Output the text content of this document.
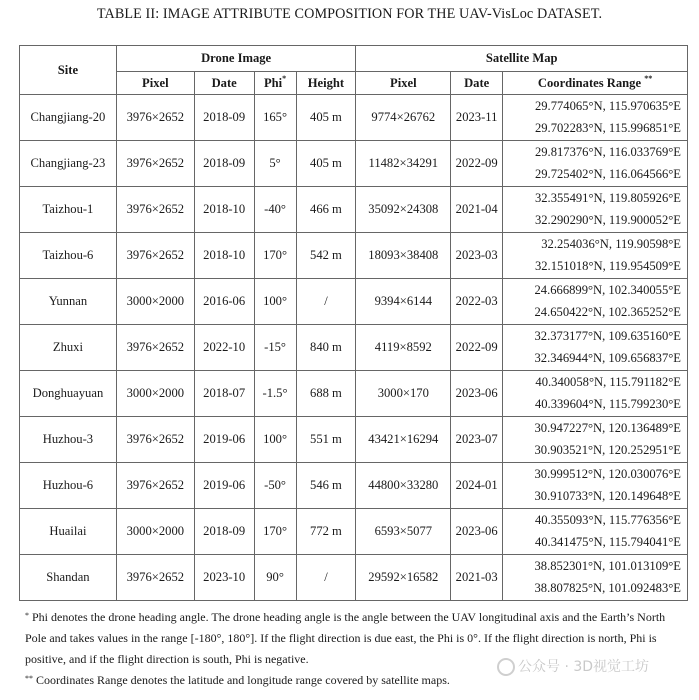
TABLE II: IMAGE ATTRIBUTE COMPOSITION FOR THE UAV-VisLoc DATASET.
Site	Drone Image				Satellite Map		
	Pixel	Date	Phi*	Height	Pixel	Date	Coordinates Range **
Changjiang-20	3976×2652	2018-09	165°	405 m	9774×26762	2023-11	29.774065°N, 115.970635°E
29.702283°N, 115.996851°E

Changjiang-23	3976×2652	2018-09	5°	405 m	11482×34291	2022-09	29.817376°N, 116.033769°E
29.725402°N, 116.064566°E

Taizhou-1	3976×2652	2018-10	-40°	466 m	35092×24308	2021-04	32.355491°N, 119.805926°E
32.290290°N, 119.900052°E

Taizhou-6	3976×2652	2018-10	170°	542 m	18093×38408	2023-03	32.254036°N, 119.90598°E
32.151018°N, 119.954509°E

Yunnan	3000×2000	2016-06	100°	/	9394×6144	2022-03	24.666899°N, 102.340055°E
24.650422°N, 102.365252°E

Zhuxi	3976×2652	2022-10	-15°	840 m	4119×8592	2022-09	32.373177°N, 109.635160°E
32.346944°N, 109.656837°E

Donghuayuan	3000×2000	2018-07	-1.5°	688 m	3000×170	2023-06	40.340058°N, 115.791182°E
40.339604°N, 115.799230°E

Huzhou-3	3976×2652	2019-06	100°	551 m	43421×16294	2023-07	30.947227°N, 120.136489°E
30.903521°N, 120.252951°E

Huzhou-6	3976×2652	2019-06	-50°	546 m	44800×33280	2024-01	30.999512°N, 120.030076°E
30.910733°N, 120.149648°E

Huailai	3000×2000	2018-09	170°	772 m	6593×5077	2023-06	40.355093°N, 115.776356°E
40.341475°N, 115.794041°E

Shandan	3976×2652	2023-10	90°	/	29592×16582	2021-03	38.852301°N, 101.013109°E
38.807825°N, 101.092483°E

* Phi denotes the drone heading angle. The drone heading angle is the angle between the UAV longitudinal axis and the Earth’s North Pole and takes values in the range [-180°, 180°]. If the flight direction is due east, the Phi is 0°. If the flight direction is north, Phi is positive, and if the flight direction is south, Phi is negative.

** Coordinates Range denotes the latitude and longitude range covered by satellite maps.

公众号 · 3D视觉工坊
